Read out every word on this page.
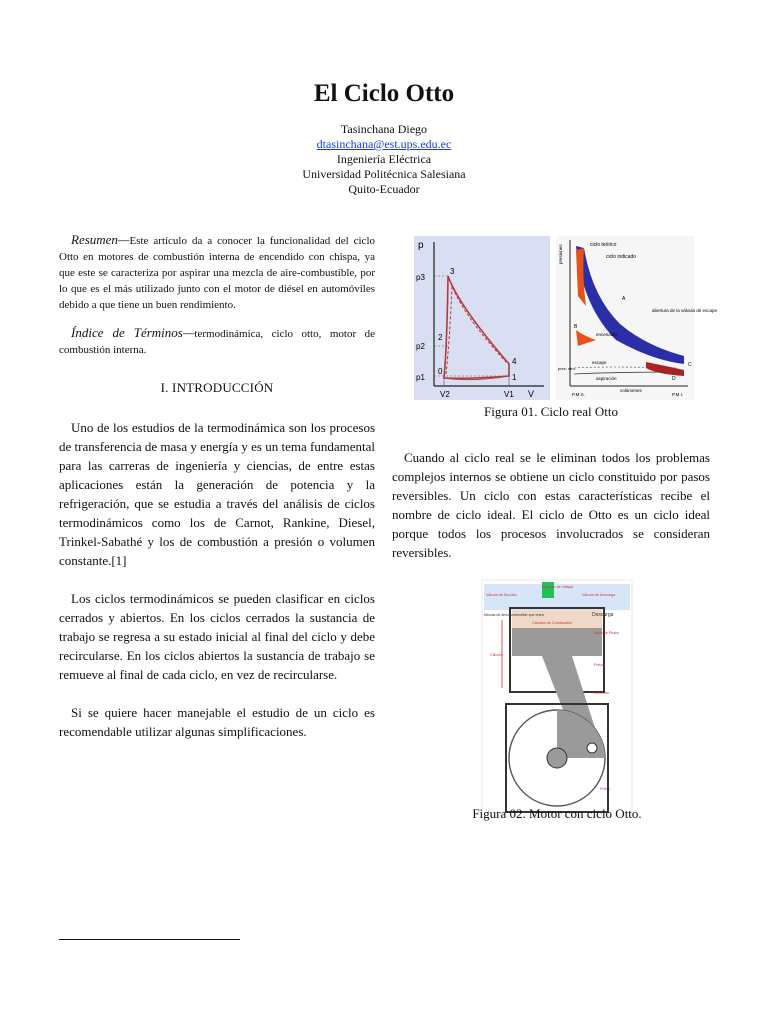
El Ciclo Otto
Tasinchana Diego
dtasinchana@est.ups.edu.ec
Ingeniería Eléctrica
Universidad Politécnica Salesiana
Quito-Ecuador

Resumen—Este artículo da a conocer la funcionalidad del ciclo Otto en motores de combustión interna de encendido con chispa, ya que este se caracteriza por aspirar una mezcla de aire-combustible, por lo que es el más utilizado junto con el motor de diésel en automóviles debido a que tiene un buen rendimiento.

Índice de Términos—termodinámica, ciclo otto, motor de combustión interna.

I. INTRODUCCIÓN

Uno de los estudios de la termodinámica son los procesos de transferencia de masa y energía y es un tema fundamental para las carreras de ingeniería y ciencias, de entre estas aplicaciones están la generación de potencia y la refrigeración, que se estudia a través del análisis de ciclos termodinámicos como los de Carnot, Rankine, Diesel, Trinkel-Sabathé y los de combustión a presión o volumen constante.[1]

Los ciclos termodinámicos se pueden clasificar en ciclos cerrados y abiertos. En los ciclos cerrados la sustancia de trabajo se regresa a su estado inicial al final del ciclo y debe recircularse. En los ciclos abiertos la sustancia de trabajo se remueve al final de cada ciclo, en vez de recircularse.

Si se quiere hacer manejable el estudio de un ciclo es recomendable utilizar algunas simplificaciones.

p
p3
p2
p1
3
2
0
4
1
V2	V1 V
presiones	ciclo teórico
ciclo indicado
A
B
C
D
abertura de la válvula de escape
encendido
escape
aspiración
pres. atm.
volúmenes
P.M.S.	P.M.I.

Figura 01. Ciclo real Otto

Cuando al ciclo real se le eliminan todos los problemas complejos internos se obtiene un ciclo constituido por pasos reversibles. Un ciclo con estas características recibe el nombre de ciclo ideal. El ciclo de Otto es un ciclo ideal porque todos los procesos involucrados se consideran reversibles.

Inyector de chispa
Válvula de Succión	Válvula de Descarga
Mezcla de aire/combustible que entra	Descarga
Cámara de Combustión
Anillo de Pistón
Cilindro
Pistón
Conector
Polea
Figura 02. Motor con ciclo Otto.
